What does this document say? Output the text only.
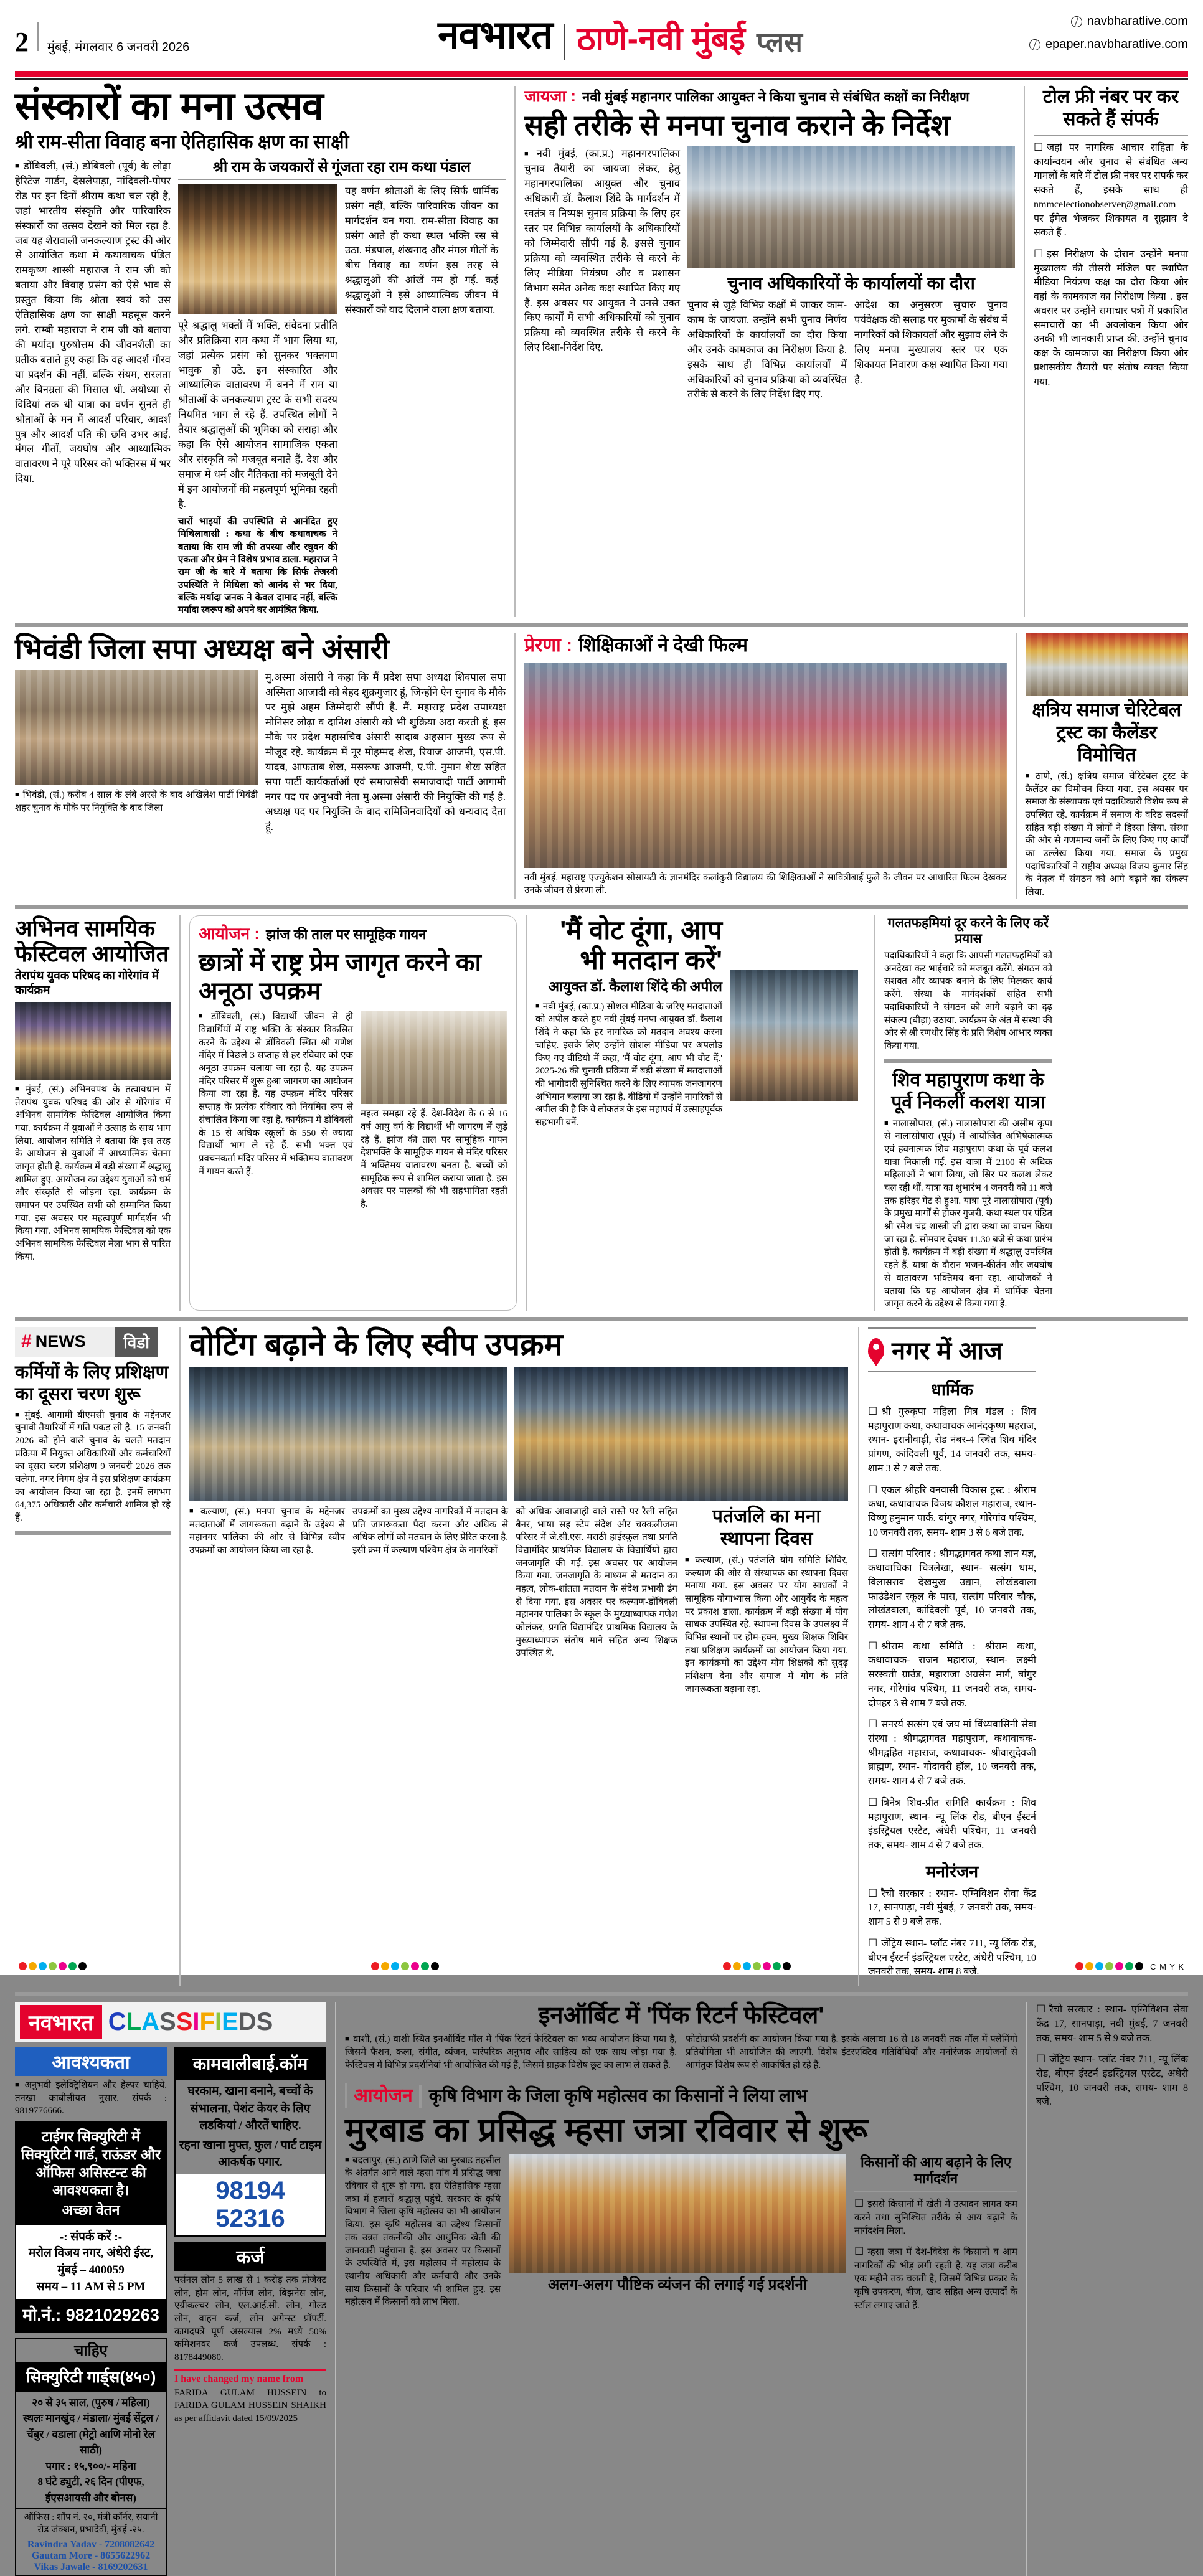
2 मुंबई, मंगलवार 6 जनवरी 2026	नवभारत ठाणे-नवी मुंबई प्लस
navbharatlive.com
epaper.navbharatlive.com
संस्कारों का मना उत्सव
श्री राम-सीता विवाह बना ऐतिहासिक क्षण का साक्षी
■ डोंबिवली, (सं.) डोंबिवली (पूर्व) के लोढ़ा हेरिटेज गार्डन, देसलेपाड़ा, नांदिवली-पोपर रोड पर इन दिनों श्रीराम कथा चल रही है, जहां भारतीय संस्कृति और पारिवारिक संस्कारों का उत्सव देखने को मिल रहा है. जब यह शेरावाली जनकल्याण ट्रस्ट की ओर से आयोजित कथा में कथावाचक पंडित रामकृष्ण शास्त्री महाराज ने राम जी को बताया और विवाह प्रसंग को ऐसे भाव से प्रस्तुत किया कि श्रोता स्वयं को उस ऐतिहासिक क्षण का साक्षी महसूस करने लगे. राम्बी महाराज ने राम जी को बताया की मर्यादा पुरुषोत्तम की जीवनशैली का प्रतीक बताते हुए कहा कि वह आदर्श गौरव या प्रदर्शन की नहीं, बल्कि संयम, सरलता और विनम्रता की मिसाल थी. अयोध्या से विदियां तक थी यात्रा का वर्णन सुनते ही श्रोताओं के मन में आदर्श परिवार, आदर्श पुत्र और आदर्श पति की छवि उभर आई. मंगल गीतों, जयघोष और आध्यात्मिक वातावरण ने पूरे परिसर को भक्तिरस में भर दिया.
श्री राम के जयकारों से गूंजता रहा राम कथा पंडाल
पूरे श्रद्धालु भक्तों में भक्ति, संवेदना प्रतीति और प्रतिक्रिया राम कथा में भाग लिया था, जहां प्रत्येक प्रसंग को सुनकर भक्तगण भावुक हो उठे. इन संस्कारित और आध्यात्मिक वातावरण में बनने में राम या श्रोताओं के जनकल्याण ट्रस्ट के सभी सदस्य नियमित भाग ले रहे हैं. उपस्थित लोगों ने तैयार श्रद्धालुओं की भूमिका को सराहा और कहा कि ऐसे आयोजन सामाजिक एकता और संस्कृति को मजबूत बनाते हैं. देश और समाज में धर्म और नैतिकता को मजबूती देने में इन आयोजनों की महत्वपूर्ण भूमिका रहती है.
यह वर्णन श्रोताओं के लिए सिर्फ धार्मिक प्रसंग नहीं, बल्कि पारिवारिक जीवन का मार्गदर्शन बन गया. राम-सीता विवाह का प्रसंग आते ही कथा स्थल भक्ति रस से उठा. मंडपाल, शंखनाद और मंगल गीतों के बीच विवाह का वर्णन इस तरह से श्रद्धालुओं की आंखें नम हो गईं. कई श्रद्धालुओं ने इसे आध्यात्मिक जीवन में संस्कारों को याद दिलाने वाला क्षण बताया.
चारों भाइयों की उपस्थिति से आनंदित हुए मिथिलावासी : कथा के बीच कथावाचक ने बताया कि राम जी की तपस्या और रघुवन की एकता और प्रेम ने विशेष प्रभाव डाला. महाराज ने राम जी के बारे में बताया कि सिर्फ तेजस्वी उपस्थिति ने मिथिला को आनंद से भर दिया, बल्कि मर्यादा जनक ने केवल दामाद नहीं, बल्कि मर्यादा स्वरूप को अपने घर आमंत्रित किया.
जायजा : नवी मुंबई महानगर पालिका आयुक्त ने किया चुनाव से संबंधित कक्षों का निरीक्षण
सही तरीके से मनपा चुनाव कराने के निर्देश
■ नवी मुंबई, (का.प्र.) महानगरपालिका चुनाव तैयारी का जायजा लेकर, हेतु महानगरपालिका आयुक्त और चुनाव अधिकारी डॉ. कैलाश शिंदे के मार्गदर्शन में स्वतंत्र व निष्पक्ष चुनाव प्रक्रिया के लिए हर स्तर पर विभिन्न कार्यालयों के अधिकारियों को जिम्मेदारी सौंपी गई है. इससे चुनाव प्रक्रिया को व्यवस्थित तरीके से करने के लिए मीडिया नियंत्रण और व प्रशासन विभाग समेत अनेक कक्ष स्थापित किए गए हैं. इस अवसर पर आयुक्त ने उनसे उक्त किए कार्यों में सभी अधिकारियों को चुनाव प्रक्रिया को व्यवस्थित तरीके से करने के लिए दिशा-निर्देश दिए.
चुनाव अधिकारियों के कार्यालयों का दौरा
चुनाव से जुड़े विभिन्न कक्षों में जाकर काम-काम के जायजा. उन्होंने सभी चुनाव निर्णय अधिकारियों के कार्यालयों का दौरा किया और उनके कामकाज का निरीक्षण किया है. इसके साथ ही विभिन्न कार्यालयों में अधिकारियों को चुनाव प्रक्रिया को व्यवस्थित तरीके से करने के लिए निर्देश दिए गए.
आदेश का अनुसरण सुचारु चुनाव पर्यवेक्षक की सलाह पर मुकामों के संबंध में नागरिकों को शिकायतों और सुझाव लेने के लिए मनपा मुख्यालय स्तर पर एक शिकायत निवारण कक्ष स्थापित किया गया है.
टोल फ्री नंबर पर कर सकते हैं संपर्क
☐ जहां पर नागरिक आचार संहिता के कार्यान्वयन और चुनाव से संबंधित अन्य मामलों के बारे में टोल फ्री नंबर पर संपर्क कर सकते हैं, इसके साथ ही nmmcelectionobserver@gmail.com पर ईमेल भेजकर शिकायत व सुझाव दे सकते हैं .
☐ इस निरीक्षण के दौरान उन्होंने मनपा मुख्यालय की तीसरी मंजिल पर स्थापित मीडिया नियंत्रण कक्ष का दौरा किया और वहां के कामकाज का निरीक्षण किया . इस अवसर पर उन्होंने समाचार पत्रों में प्रकाशित समाचारों का भी अवलोकन किया और उनकी भी जानकारी प्राप्त की. उन्होंने चुनाव कक्ष के कामकाज का निरीक्षण किया और प्रशासकीय तैयारी पर संतोष व्यक्त किया गया.
भिवंडी जिला सपा अध्यक्ष बने अंसारी
■ भिवंडी, (सं.) करीब 4 साल के लंबे अरसे के बाद अखिलेश पार्टी भिवंडी शहर चुनाव के मौके पर नियुक्ति के बाद जिला
मु.अस्मा अंसारी ने कहा कि मैं प्रदेश सपा अध्यक्ष शिवपाल सपा अस्मिता आजादी को बेहद शुक्रगुजार हूं, जिन्होंने ऐन चुनाव के मौके पर मुझे अहम जिम्मेदारी सौंपी है. मैं. महाराष्ट्र प्रदेश उपाध्यक्ष मोनिसर लोढ़ा व दानिश अंसारी को भी शुक्रिया अदा करती हूं. इस मौके पर प्रदेश महासचिव अंसारी सादाब अहसान मुख्य रूप से मौजूद रहे. कार्यक्रम में नूर मोहम्मद शेख, रियाज आजमी, एस.पी. यादव, आफताब शेख, मसरूफ आजमी, ए.पी. नुमान शेख सहित सपा पार्टी कार्यकर्ताओं एवं समाजसेवी समाजवादी पार्टी आगामी नगर पद पर अनुभवी नेता मु.अस्मा अंसारी की नियुक्ति की गई है. अध्यक्ष पद पर नियुक्ति के बाद रामिजिनवादियों को धन्यवाद देता हूं.
प्रेरणा : शिक्षिकाओं ने देखी फिल्म
नवी मुंबई. महाराष्ट्र एज्युकेशन सोसायटी के ज्ञानमंदिर कलांकुरी विद्यालय की शिक्षिकाओं ने सावित्रीबाई फुले के जीवन पर आधारित फिल्म देखकर उनके जीवन से प्रेरणा ली.
क्षत्रिय समाज चेरिटेबल ट्रस्ट का कैलेंडर विमोचित
■ ठाणे, (सं.) क्षत्रिय समाज चेरिटेबल ट्रस्ट के कैलेंडर का विमोचन किया गया. इस अवसर पर समाज के संस्थापक एवं पदाधिकारी विशेष रूप से उपस्थित रहे. कार्यक्रम में समाज के वरिष्ठ सदस्यों सहित बड़ी संख्या में लोगों ने हिस्सा लिया. संस्था की ओर से गणमान्य जनों के लिए किए गए कार्यों का उल्लेख किया गया. समाज के प्रमुख पदाधिकारियों ने राष्ट्रीय अध्यक्ष विजय कुमार सिंह के नेतृत्व में संगठन को आगे बढ़ाने का संकल्प लिया.
अभिनव सामयिक फेस्टिवल आयोजित
तेरापंथ युवक परिषद का गोरेगांव में कार्यक्रम
■ मुंबई, (सं.) अभिनवपंथ के तत्वावधान में तेरापंथ युवक परिषद की ओर से गोरेगांव में अभिनव सामयिक फेस्टिवल आयोजित किया गया. कार्यक्रम में युवाओं ने उत्साह के साथ भाग लिया. आयोजन समिति ने बताया कि इस तरह के आयोजन से युवाओं में आध्यात्मिक चेतना जागृत होती है. कार्यक्रम में बड़ी संख्या में श्रद्धालु शामिल हुए. आयोजन का उद्देश्य युवाओं को धर्म और संस्कृति से जोड़ना रहा. कार्यक्रम के समापन पर उपस्थित सभी को सम्मानित किया गया. इस अवसर पर महत्वपूर्ण मार्गदर्शन भी किया गया. अभिनव सामयिक फेस्टिवल को एक अभिनव सामयिक फेस्टिवल मेला भाग से पारित किया.
आयोजन : झांज की ताल पर सामूहिक गायन
छात्रों में राष्ट्र प्रेम जागृत करने का अनूठा उपक्रम
■ डोंबिवली, (सं.) विद्यार्थी जीवन से ही विद्यार्थियों में राष्ट्र भक्ति के संस्कार विकसित करने के उद्देश्य से डोंबिवली स्थित श्री गणेश मंदिर में पिछले 3 सप्ताह से हर रविवार को एक अनूठा उपक्रम चलाया जा रहा है. यह उपक्रम मंदिर परिसर में शुरू हुआ जागरण का आयोजन किया जा रहा है. यह उपक्रम मंदिर परिसर सप्ताह के प्रत्येक रविवार को नियमित रूप से संचालित किया जा रहा है. कार्यक्रम में डोंबिवली के 15 से अधिक स्कूलों के 550 से ज्यादा विद्यार्थी भाग ले रहे हैं. सभी भक्त एवं प्रवचनकर्ता मंदिर परिसर में भक्तिमय वातावरण में गायन करते हैं.
महत्व समझा रहे हैं. देश-विदेश के 6 से 16 वर्ष आयु वर्ग के विद्यार्थी भी जागरण में जुड़े रहे हैं. झांज की ताल पर सामूहिक गायन देशभक्ति के सामूहिक गायन से मंदिर परिसर में भक्तिमय वातावरण बनता है. बच्चों को सामूहिक रूप से शामिल कराया जाता है. इस अवसर पर पालकों की भी सहभागिता रहती है.
'मैं वोट दूंगा, आप भी मतदान करें'
आयुक्त डॉ. कैलाश शिंदे की अपील
■ नवी मुंबई, (का.प्र.) सोशल मीडिया के जरिए मतदाताओं को अपील करते हुए नवी मुंबई मनपा आयुक्त डॉ. कैलाश शिंदे ने कहा कि हर नागरिक को मतदान अवश्य करना चाहिए. इसके लिए उन्होंने सोशल मीडिया पर अपलोड किए गए वीडियो में कहा, 'मैं वोट दूंगा, आप भी वोट दें.' 2025-26 की चुनावी प्रक्रिया में बड़ी संख्या में मतदाताओं की भागीदारी सुनिश्चित करने के लिए व्यापक जनजागरण अभियान चलाया जा रहा है. वीडियो में उन्होंने नागरिकों से अपील की है कि वे लोकतंत्र के इस महापर्व में उत्साहपूर्वक सहभागी बनें.
गलतफहमियां दूर करने के लिए करें प्रयास
पदाधिकारियों ने कहा कि आपसी गलतफहमियों को अनदेखा कर भाईचारे को मजबूत करेंगे. संगठन को सशक्त और व्यापक बनाने के लिए मिलकर कार्य करेंगे. संस्था के मार्गदर्शकों सहित सभी पदाधिकारियों ने संगठन को आगे बढ़ाने का दृढ़ संकल्प (बीड़ा) उठाया. कार्यक्रम के अंत में संस्था की ओर से श्री रणधीर सिंह के प्रति विशेष आभार व्यक्त किया गया.
शिव महापुराण कथा के पूर्व निकलीं कलश यात्रा
■ नालासोपारा, (सं.) नालासोपारा की असीम कृपा से नालासोपारा (पूर्व) में आयोजित अभिषेकात्मक एवं हवनात्मक शिव महापुराण कथा के पूर्व कलश यात्रा निकाली गई. इस यात्रा में 2100 से अधिक महिलाओं ने भाग लिया, जो सिर पर कलश लेकर चल रही थीं. यात्रा का शुभारंभ 4 जनवरी को 11 बजे तक हरिहर गेट से हुआ. यात्रा पूरे नालासोपारा (पूर्व) के प्रमुख मार्गों से होकर गुजरी. कथा स्थल पर पंडित श्री रमेश चंद्र शास्त्री जी द्वारा कथा का वाचन किया जा रहा है. सोमवार देवघर 11.30 बजे से कथा प्रारंभ होती है. कार्यक्रम में बड़ी संख्या में श्रद्धालु उपस्थित रहते हैं. यात्रा के दौरान भजन-कीर्तन और जयघोष से वातावरण भक्तिमय बना रहा. आयोजकों ने बताया कि यह आयोजन क्षेत्र में धार्मिक चेतना जागृत करने के उद्देश्य से किया गया है.
# NEWS	विडो
कर्मियों के लिए प्रशिक्षण का दूसरा चरण शुरू
■ मुंबई. आगामी बीएमसी चुनाव के मद्देनजर चुनावी तैयारियों में गति पकड़ ली है. 15 जनवरी 2026 को होने वाले चुनाव के चलते मतदान प्रक्रिया में नियुक्त अधिकारियों और कर्मचारियों का दूसरा चरण प्रशिक्षण 9 जनवरी 2026 तक चलेगा. नगर निगम क्षेत्र में इस प्रशिक्षण कार्यक्रम का आयोजन किया जा रहा है. इनमें लगभग 64,375 अधिकारी और कर्मचारी शामिल हो रहे हैं.
वोटिंग बढ़ाने के लिए स्वीप उपक्रम
■ कल्याण, (सं.) मनपा चुनाव के मद्देनजर मतदाताओं में जागरूकता बढ़ाने के उद्देश्य से महानगर पालिका की ओर से विभिन्न स्वीप उपक्रमों का आयोजन किया जा रहा है.
उपक्रमों का मुख्य उद्देश्य नागरिकों में मतदान के प्रति जागरूकता पैदा करना और अधिक से अधिक लोगों को मतदान के लिए प्रेरित करना है. इसी क्रम में कल्याण पश्चिम क्षेत्र के नागरिकों
को अधिक आवाजाही वाले रास्ते पर रैली सहित बैनर, भाषा सह स्टेप संदेश और चक्कलीजमा परिसर में जे.सी.एस. मराठी हाईस्कूल तथा प्रगति विद्यामंदिर प्राथमिक विद्यालय के विद्यार्थियों द्वारा जनजागृति की गई. इस अवसर पर आयोजन किया गया. जनजागृति के माध्यम से मतदान का महत्व, लोक-शांतता मतदान के संदेश प्रभावी ढंग से दिया गया. इस अवसर पर कल्याण-डोंबिवली महानगर पालिका के स्कूल के मुख्याध्यापक गणेश कोलंकर, प्रगति विद्यामंदिर प्राथमिक विद्यालय के मुख्याध्यापक संतोष माने सहित अन्य शिक्षक उपस्थित थे.
पतंजलि का मना स्थापना दिवस
■ कल्याण, (सं.) पतंजलि योग समिति शिविर, कल्याण की ओर से संस्थापक का स्थापना दिवस मनाया गया. इस अवसर पर योग साधकों ने सामूहिक योगाभ्यास किया और आयुर्वेद के महत्व पर प्रकाश डाला. कार्यक्रम में बड़ी संख्या में योग साधक उपस्थित रहे. स्थापना दिवस के उपलक्ष्य में विभिन्न स्थानों पर होम-हवन, मुख्य शिक्षक शिविर तथा प्रशिक्षण कार्यक्रमों का आयोजन किया गया. इन कार्यक्रमों का उद्देश्य योग शिक्षकों को सुदृढ़ प्रशिक्षण देना और समाज में योग के प्रति जागरूकता बढ़ाना रहा.
नगर में आज
धार्मिक
☐ श्री गुरुकृपा महिला मित्र मंडल : शिव महापुराण कथा, कथावाचक आनंदकृष्ण महराज, स्थान- इरानीवाड़ी, रोड नंबर-4 स्थित शिव मंदिर प्रांगण, कांदिवली पूर्व, 14 जनवरी तक, समय- शाम 3 से 7 बजे तक.
☐ एकल श्रीहरि वनवासी विकास ट्रस्ट : श्रीराम कथा, कथावाचक विजय कौशल महाराज, स्थान- विष्णु हनुमान पार्क. बांगुर नगर, गोरेगांव पश्चिम, 10 जनवरी तक, समय- शाम 3 से 6 बजे तक.
☐ सत्संग परिवार : श्रीमद्भागवत कथा ज्ञान यज्ञ, कथावाचिका चित्रलेखा, स्थान- सत्संग धाम, विलासराव देखमुख उद्यान, लोखंडवाला फाउंडेशन स्कूल के पास, सत्संग परिवार चौक, लोखंडवाला, कांदिवली पूर्व, 10 जनवरी तक, समय- शाम 4 से 7 बजे तक.
☐ श्रीराम कथा समिति : श्रीराम कथा, कथावाचक- राजन महाराज, स्थान- लक्ष्मी सरस्वती ग्राउंड, महाराजा अग्रसेन मार्ग, बांगुर नगर, गोरेगांव पश्चिम, 11 जनवरी तक, समय- दोपहर 3 से शाम 7 बजे तक.
☐ सनरर्य सत्संग एवं जय मां विंध्यवासिनी सेवा संस्था : श्रीमद्भागवत महापुराण, कथावाचक- श्रीमद्वहित महाराज, कथावाचक- श्रीवासुदेवजी ब्राह्मण, स्थान- गोदावरी हॉल, 10 जनवरी तक, समय- शाम 4 से 7 बजे तक.
☐ त्रिनेत्र शिव-प्रीत समिति कार्यक्रम : शिव महापुराण, स्थान- न्यू लिंक रोड, बीएन ईस्टर्न इंडस्ट्रियल एस्टेट, अंधेरी पश्चिम, 11 जनवरी तक, समय- शाम 4 से 7 बजे तक.
मनोरंजन
☐ रैचो सरकार : स्थान- एग्निविशन सेवा केंद्र 17, सानपाड़ा, नवी मुंबई, 7 जनवरी तक, समय- शाम 5 से 9 बजे तक.
☐ जेंट्रिय स्थान- प्लॉट नंबर 711, न्यू लिंक रोड, बीएन ईस्टर्न इंडस्ट्रियल एस्टेट, अंधेरी पश्चिम, 10 जनवरी तक, समय- शाम 8 बजे.
नवभारत CLASSIFIEDS
आवश्यकता
■ अनुभवी इलेक्ट्रिशियन और हेल्पर चाहिये. तनखा काबीलीयत नुसार. संपर्क : 9819776666.
टाईगर सिक्युरिटी में सिक्युरिटी गार्ड, राऊंडर और ऑफिस असिस्टन्ट की आवश्यकता है।
अच्छा वेतन
-: संपर्क करें :-
मरोल विजय नगर, अंधेरी ईस्ट, मुंबई – 400059
समय – 11 AM से 5 PM
मो.नं.: 9821029263
चाहिए
सिक्युरिटी गार्ड्स(४५०)
२० से ३५ साल, (पुरुष / महिला)
स्थलः मानखुंद / मंडाला/ मुंबई सेंट्रल / चेंबुर / वडाला (मेट्रो आणि मोनो रेल साठी)
पगार : १५,९००/- महिना
8 घंटे ड्युटी, २६ दिन (पीएफ, ईएसआयसी और बोनस)
ऑफिस : शॉप नं. २०, मंत्री कॉर्नर, सयानी रोड जंक्शन, प्रभादेवी, मुंबई -२५.
Ravindra Yadav - 7208082642
Gautam More - 8655622962
Vikas Jawale - 8169202631
कामवालीबाई.कॉम
घरकाम, खाना बनाने, बच्चों के संभालना, पेशंट केयर के लिए लडकियां / औरतें चाहिए.
रहना खाना मुफ्त, फुल / पार्ट टाइम आकर्षक पगार.
98194 52316
कर्ज
पर्सनल लोन 5 लाख से 1 करोड़ तक प्रोजेक्ट लोन, होम लोन, मॉर्गेज लोन, बिझनेस लोन, एग्रीकल्चर लोन, एल.आई.सी. लोन, गोल्ड लोन, वाहन कर्ज, लोन अगेन्स्ट प्रॉपर्टी. कागदपत्रे पूर्ण असल्यास 2% मध्ये 50% कमिशनवर कर्ज उपलब्ध. संपर्क : 8178449080.
I have changed my name from
FARIDA GULAM HUSSEIN to FARIDA GULAM HUSSEIN SHAIKH as per affidavit dated 15/09/2025
इनऑर्बिट में 'पिंक रिटर्न फेस्टिवल'
■ वाशी, (सं.) वाशी स्थित इनऑर्बिट मॉल में 'पिंक रिटर्न फेस्टिवल' का भव्य आयोजन किया गया है, जिसमें फैशन, कला, संगीत, व्यंजन, पारंपरिक अनुभव और साहित्य को एक साथ जोड़ा गया है. फेस्टिवल में विभिन्न प्रदर्शनियां भी आयोजित की गई हैं, जिसमें ग्राहक विशेष छूट का लाभ ले सकते हैं.
फोटोग्राफी प्रदर्शनी का आयोजन किया गया है. इसके अलावा 16 से 18 जनवरी तक मॉल में फ्लेमिंगो प्रतियोगिता भी आयोजित की जाएगी. विशेष इंटरएक्टिव गतिविधियों और मनोरंजक आयोजनों से आगंतुक विशेष रूप से आकर्षित हो रहे हैं.
आयोजन कृषि विभाग के जिला कृषि महोत्सव का किसानों ने लिया लाभ
मुरबाड का प्रसिद्ध म्हसा जत्रा रविवार से शुरू
■ बदलापुर, (सं.) ठाणे जिले का मुरबाड तहसील के अंतर्गत आने वाले म्हसा गांव में प्रसिद्ध जत्रा रविवार से शुरू हो गया. इस ऐतिहासिक म्हसा जत्रा में हजारों श्रद्धालु पहुंचे. सरकार के कृषि विभाग ने जिला कृषि महोत्सव का भी आयोजन किया. इस कृषि महोत्सव का उद्देश्य किसानों तक उन्नत तकनीकी और आधुनिक खेती की जानकारी पहुंचाना है. इस अवसर पर किसानों के उपस्थिति में, इस महोत्सव में महोत्सव के स्थानीय अधिकारी और कर्मचारी और उनके साथ किसानों के परिवार भी शामिल हुए. इस महोत्सव में किसानों को लाभ मिला.
अलग-अलग पौष्टिक व्यंजन की लगाई गई प्रदर्शनी
किसानों की आय बढ़ाने के लिए मार्गदर्शन
☐ इससे किसानों में खेती में उत्पादन लागत कम करने तथा सुनिश्चित तरीके से आय बढ़ाने के मार्गदर्शन मिला.
☐ म्हसा जत्रा में देश-विदेश के किसानों व आम नागरिकों की भीड़ लगी रहती है. यह जत्रा करीब एक महीने तक चलती है, जिसमें विभिन्न प्रकार के कृषि उपकरण, बीज, खाद सहित अन्य उत्पादों के स्टॉल लगाए जाते हैं.
☐ रैचो सरकार : स्थान- एग्निविशन सेवा केंद्र 17, सानपाड़ा, नवी मुंबई, 7 जनवरी तक, समय- शाम 5 से 9 बजे तक.
☐ जेंट्रिय स्थान- प्लॉट नंबर 711, न्यू लिंक रोड, बीएन ईस्टर्न इंडस्ट्रियल एस्टेट, अंधेरी पश्चिम, 10 जनवरी तक, समय- शाम 8 बजे.
C M Y K
